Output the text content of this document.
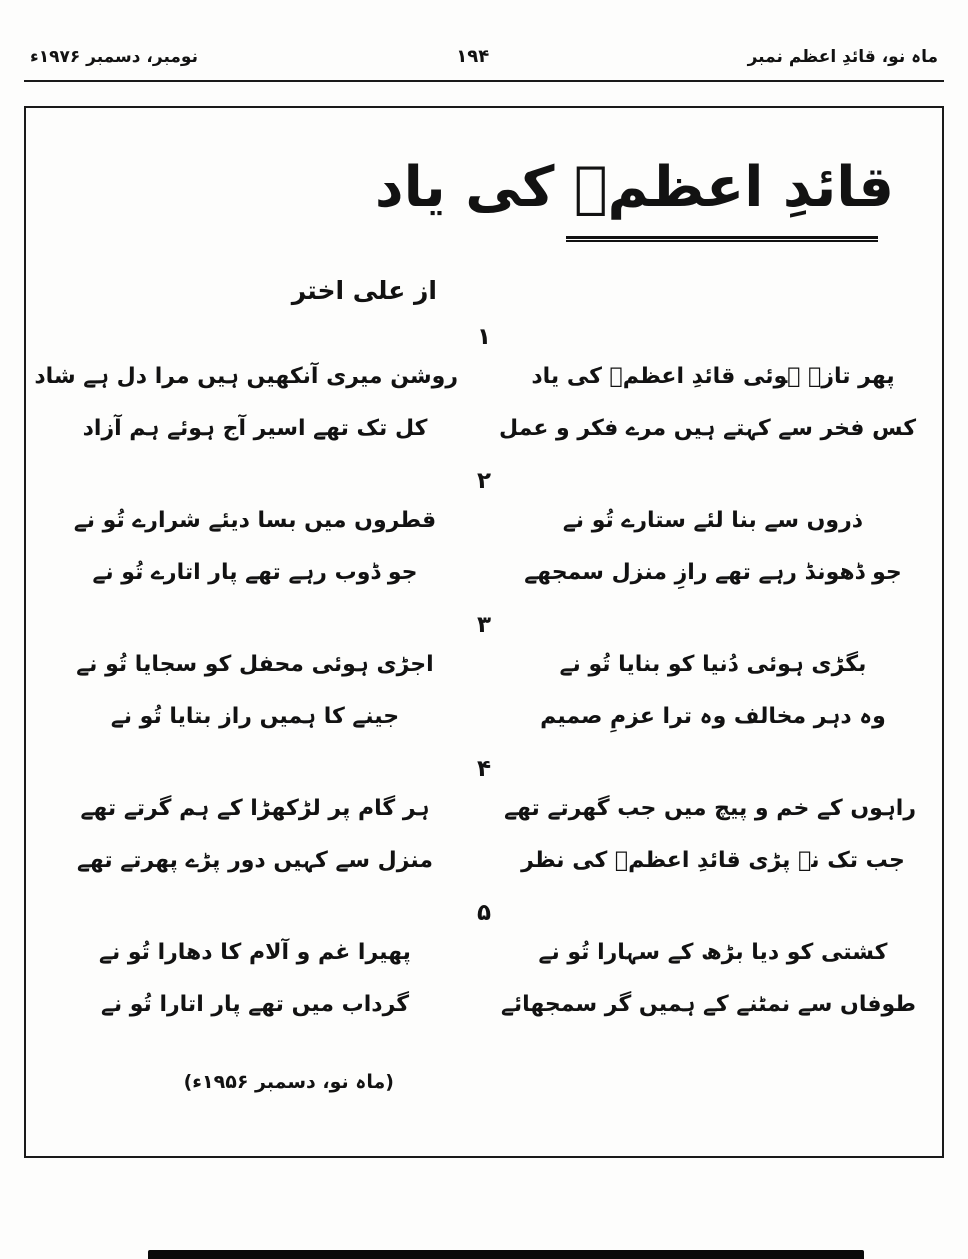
ماہ نو، قائدِ اعظم نمبر
۱۹۴
نومبر، دسمبر ۱۹۷۶ء
قائدِ اعظمؒ کی یاد
از علی اختر
۱
پھر تازہ ہوئی قائدِ اعظمؒ کی یاد
روشن میری آنکھیں ہیں مرا دل ہے شاد
کس فخر سے کہتے ہیں مرے فکر و عمل
کل تک تھے اسیر آج ہوئے ہم آزاد
۲
ذروں سے بنا لئے ستارے تُو نے
قطروں میں بسا دیئے شرارے تُو نے
جو ڈھونڈ رہے تھے رازِ منزل سمجھے
جو ڈوب رہے تھے پار اتارے تُو نے
۳
بگڑی ہوئی دُنیا کو بنایا تُو نے
اجڑی ہوئی محفل کو سجایا تُو نے
وہ دہر مخالف وہ ترا عزمِ صمیم
جینے کا ہمیں راز بتایا تُو نے
۴
راہوں کے خم و پیچ میں جب گھرتے تھے
ہر گام پر لڑکھڑا کے ہم گرتے تھے
جب تک نہ پڑی قائدِ اعظمؒ کی نظر
منزل سے کہیں دور پڑے پھرتے تھے
۵
کشتی کو دیا بڑھ کے سہارا تُو نے
پھیرا غم و آلام کا دھارا تُو نے
طوفاں سے نمٹنے کے ہمیں گر سمجھائے
گرداب میں تھے پار اتارا تُو نے
(ماہ نو، دسمبر ۱۹۵۶ء)
